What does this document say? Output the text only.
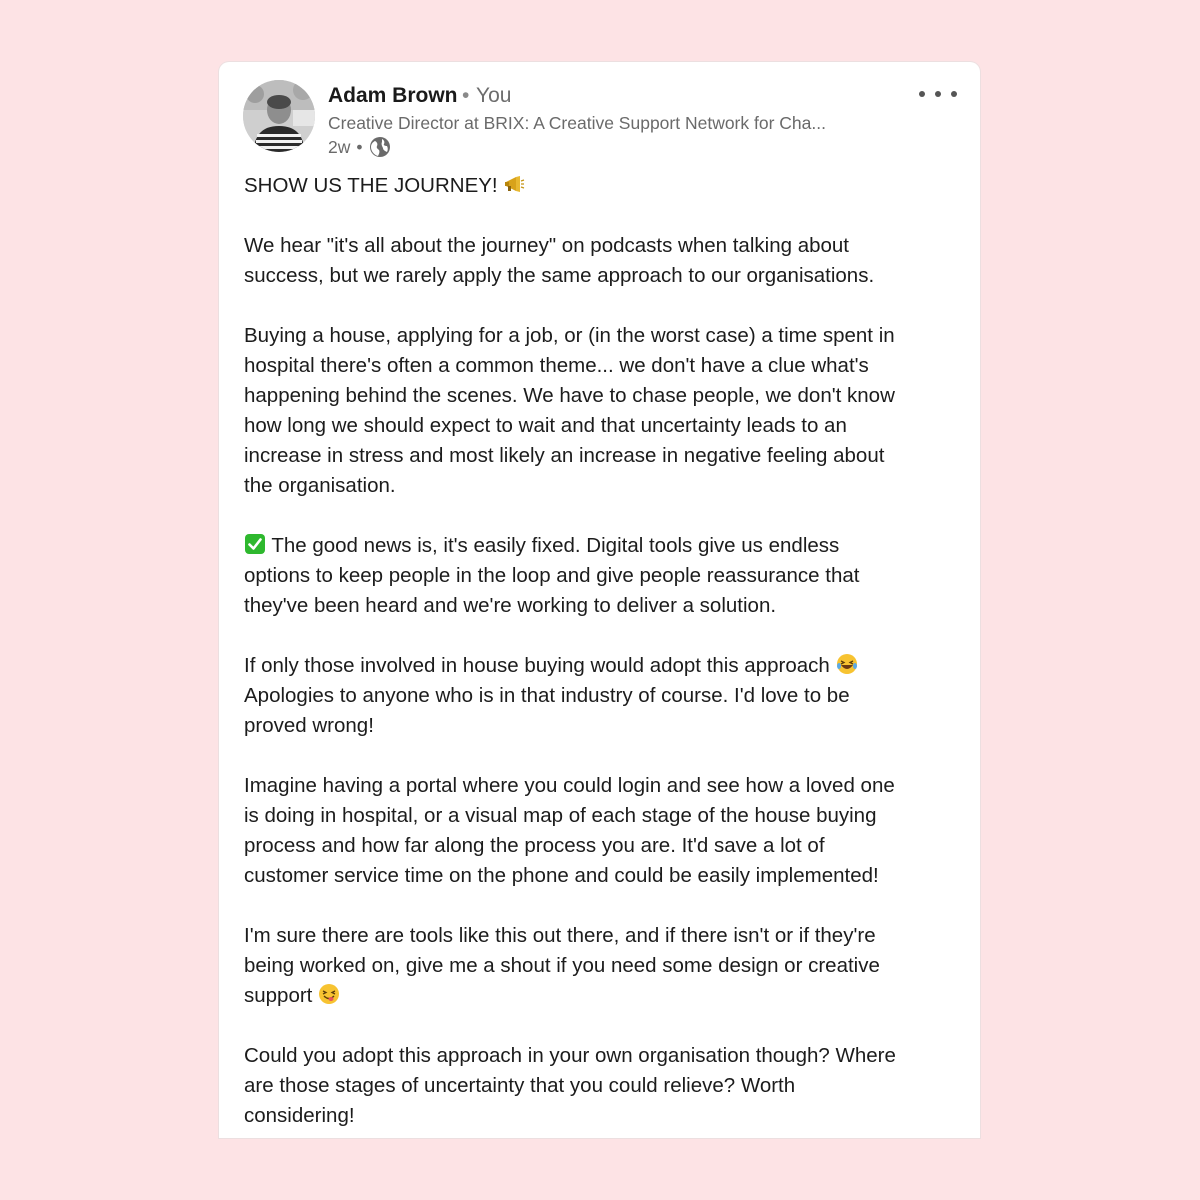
Adam Brown • You
Creative Director at BRIX: A Creative Support Network for Cha...
2w •

SHOW US THE JOURNEY!

We hear "it's all about the journey" on podcasts when talking about
success, but we rarely apply the same approach to our organisations.

Buying a house, applying for a job, or (in the worst case) a time spent in
hospital there's often a common theme... we don't have a clue what's
happening behind the scenes. We have to chase people, we don't know
how long we should expect to wait and that uncertainty leads to an
increase in stress and most likely an increase in negative feeling about
the organisation.

The good news is, it's easily fixed. Digital tools give us endless
options to keep people in the loop and give people reassurance that
they've been heard and we're working to deliver a solution.

If only those involved in house buying would adopt this approach
Apologies to anyone who is in that industry of course. I'd love to be
proved wrong!

Imagine having a portal where you could login and see how a loved one
is doing in hospital, or a visual map of each stage of the house buying
process and how far along the process you are. It'd save a lot of
customer service time on the phone and could be easily implemented!

I'm sure there are tools like this out there, and if there isn't or if they're
being worked on, give me a shout if you need some design or creative
support

Could you adopt this approach in your own organisation though? Where
are those stages of uncertainty that you could relieve? Worth
considering!
